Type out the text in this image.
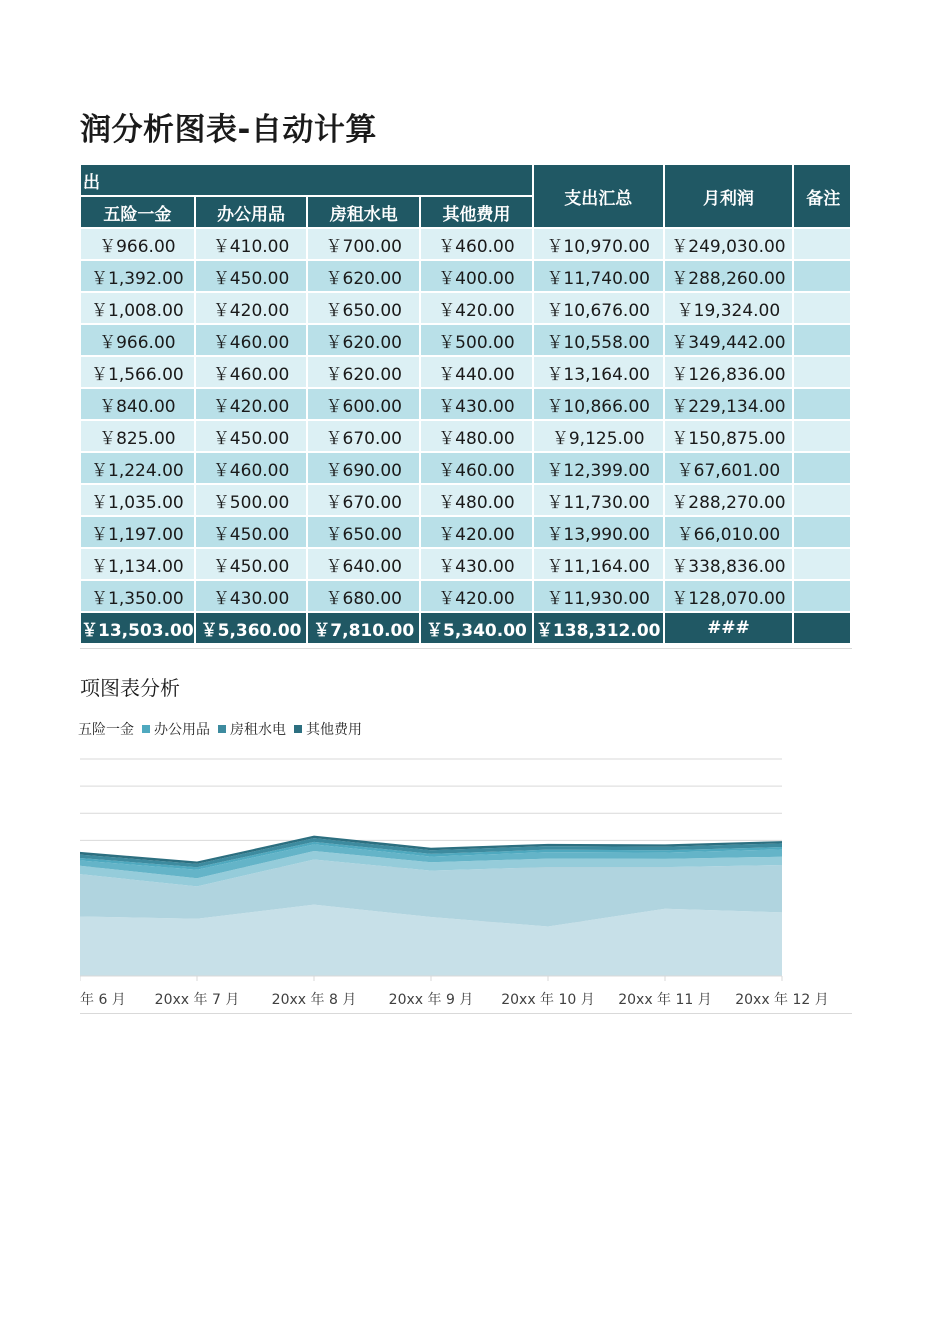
润分析图表-自动计算
出				支出汇总	月利润	备注
五险一金	办公用品	房租水电	其他费用			
￥966.00	￥410.00	￥700.00	￥460.00	￥10,970.00	￥249,030.00	
￥1,392.00	￥450.00	￥620.00	￥400.00	￥11,740.00	￥288,260.00	
￥1,008.00	￥420.00	￥650.00	￥420.00	￥10,676.00	￥19,324.00	
￥966.00	￥460.00	￥620.00	￥500.00	￥10,558.00	￥349,442.00	
￥1,566.00	￥460.00	￥620.00	￥440.00	￥13,164.00	￥126,836.00	
￥840.00	￥420.00	￥600.00	￥430.00	￥10,866.00	￥229,134.00	
￥825.00	￥450.00	￥670.00	￥480.00	￥9,125.00	￥150,875.00	
￥1,224.00	￥460.00	￥690.00	￥460.00	￥12,399.00	￥67,601.00	
￥1,035.00	￥500.00	￥670.00	￥480.00	￥11,730.00	￥288,270.00	
￥1,197.00	￥450.00	￥650.00	￥420.00	￥13,990.00	￥66,010.00	
￥1,134.00	￥450.00	￥640.00	￥430.00	￥11,164.00	￥338,836.00	
￥1,350.00	￥430.00	￥680.00	￥420.00	￥11,930.00	￥128,070.00	
￥13,503.00	￥5,360.00	￥7,810.00	￥5,340.00	￥138,312.00	###	
项图表分析
五险一金 办公用品 房租水电 其他费用
年 6 月 20xx 年 7 月 20xx 年 8 月 20xx 年 9 月 20xx 年 10 月 20xx 年 11 月 20xx 年 12 月
